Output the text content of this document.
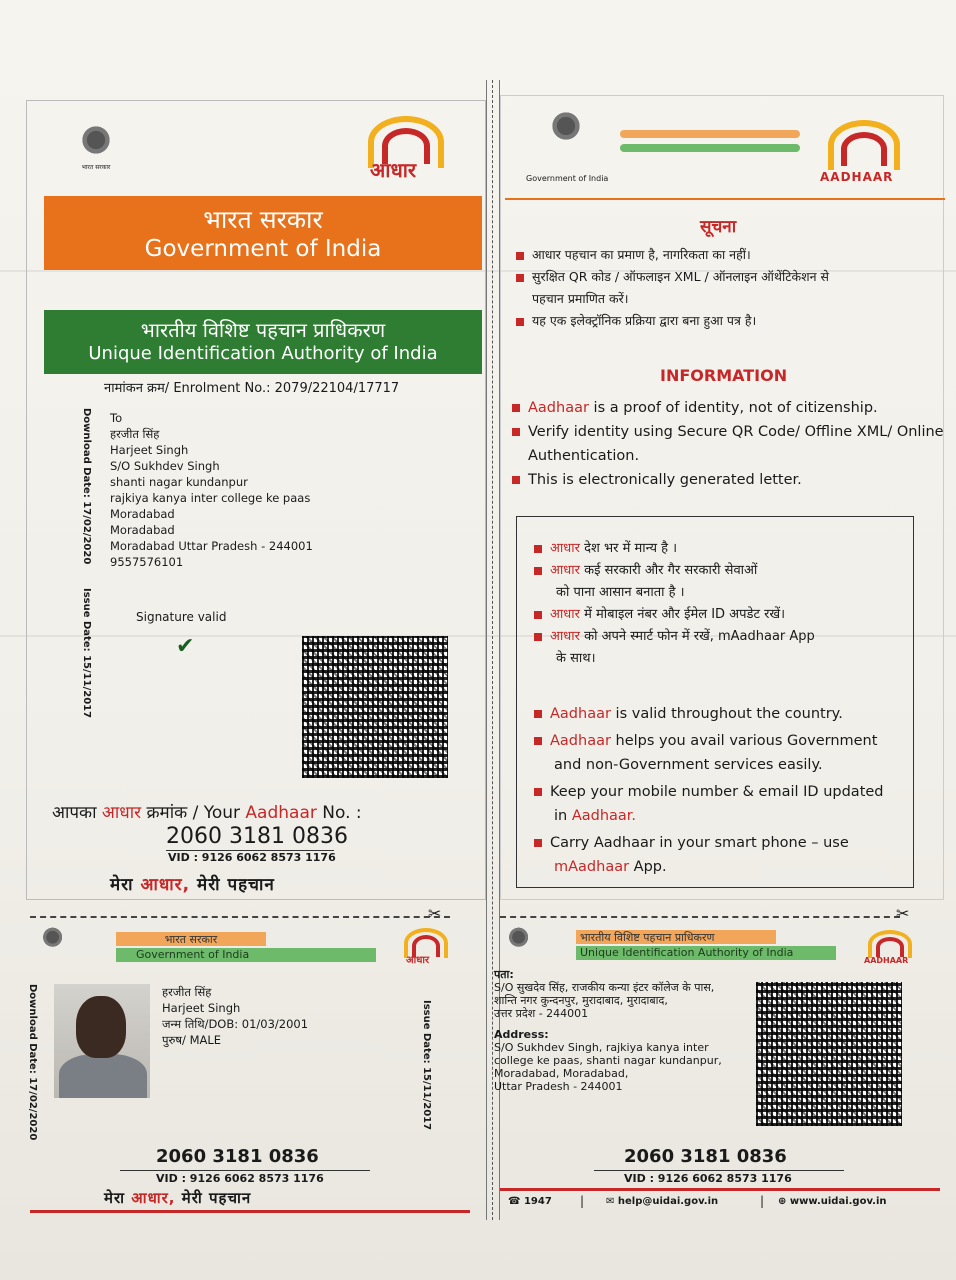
भारत सरकार	आधार
भारत सरकार
Government of India
भारतीय विशिष्ट पहचान प्राधिकरण
Unique Identification Authority of India
नामांकन क्रम/ Enrolment No.: 2079/22104/17717
Download Date: 17/02/2020
Issue Date: 15/11/2017
To
हरजीत सिंह
Harjeet Singh
S/O Sukhdev Singh
shanti nagar kundanpur
rajkiya kanya inter college ke paas
Moradabad
Moradabad
Moradabad Uttar Pradesh - 244001
9557576101
Signature valid
✔
आपका आधार क्रमांक / Your Aadhaar No. :
2060 3181 0836
VID : 9126 6062 8573 1176
मेरा आधार, मेरी पहचान
Government of India	AADHAAR
सूचना
आधार पहचान का प्रमाण है, नागरिकता का नहीं।
सुरक्षित QR कोड / ऑफलाइन XML / ऑनलाइन ऑथेंटिकेशन से
पहचान प्रमाणित करें।
यह एक इलेक्ट्रॉनिक प्रक्रिया द्वारा बना हुआ पत्र है।
INFORMATION
Aadhaar is a proof of identity, not of citizenship.
Verify identity using Secure QR Code/ Offline XML/ Online
Authentication.
This is electronically generated letter.
आधार देश भर में मान्य है ।
आधार कई सरकारी और गैर सरकारी सेवाओं
को पाना आसान बनाता है ।
आधार में मोबाइल नंबर और ईमेल ID अपडेट रखें।
आधार को अपने स्मार्ट फोन में रखें, mAadhaar App
के साथ।
Aadhaar is valid throughout the country.
Aadhaar helps you avail various Government
and non-Government services easily.
Keep your mobile number & email ID updated
in Aadhaar.
Carry Aadhaar in your smart phone – use
mAadhaar App.
✂	✂
भारत सरकार
Government of India	आधार
Download Date: 17/02/2020	Issue Date: 15/11/2017
हरजीत सिंह
Harjeet Singh
जन्म तिथि/DOB: 01/03/2001
पुरुष/ MALE
2060 3181 0836
VID : 9126 6062 8573 1176
मेरा आधार, मेरी पहचान
भारतीय विशिष्ट पहचान प्राधिकरण
Unique Identification Authority of India
AADHAAR
पता:
S/O सुखदेव सिंह, राजकीय कन्या इंटर कॉलेज के पास,
शान्ति नगर कुन्दनपुर, मुरादाबाद, मुरादाबाद,
उत्तर प्रदेश - 244001
Address:
S/O Sukhdev Singh, rajkiya kanya inter
college ke paas, shanti nagar kundanpur,
Moradabad, Moradabad,
Uttar Pradesh - 244001
2060 3181 0836
VID : 9126 6062 8573 1176
☎ 1947 | ✉ help@uidai.gov.in	| ⊕ www.uidai.gov.in
